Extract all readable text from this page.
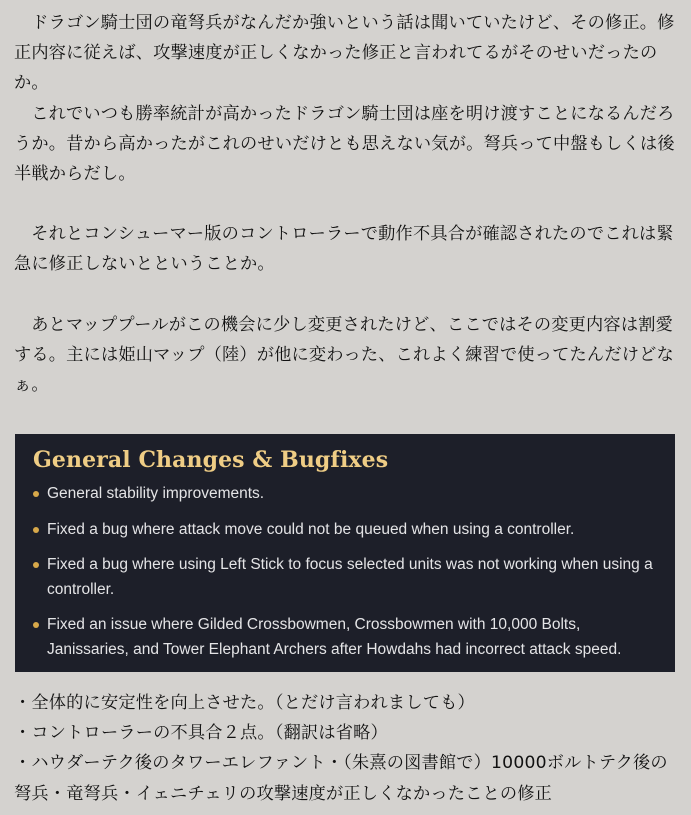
ドラゴン騎士団の竜弩兵がなんだか強いという話は聞いていたけど、その修正。修正内容に従えば、攻撃速度が正しくなかった修正と言われてるがそのせいだったのか。

これでいつも勝率統計が高かったドラゴン騎士団は座を明け渡すことになるんだろうか。昔から高かったがこれのせいだけとも思えない気が。弩兵って中盤もしくは後半戦からだし。

それとコンシューマー版のコントローラーで動作不具合が確認されたのでこれは緊急に修正しないとということか。

あとマッププールがこの機会に少し変更されたけど、ここではその変更内容は割愛する。主には姫山マップ（陸）が他に変わった、これよく練習で使ってたんだけどなぁ。

General Changes & Bugfixes
General stability improvements.
Fixed a bug where attack move could not be queued when using a controller.
Fixed a bug where using Left Stick to focus selected units was not working when using a controller.
Fixed an issue where Gilded Crossbowmen, Crossbowmen with 10,000 Bolts, Janissaries, and Tower Elephant Archers after Howdahs had incorrect attack speed.

・全体的に安定性を向上させた。（とだけ言われましても）

・コントローラーの不具合２点。（翻訳は省略）

・ハウダーテク後のタワーエレファント・（朱熹の図書館で）10000ボルトテク後の弩兵・竜弩兵・イェニチェリの攻撃速度が正しくなかったことの修正
